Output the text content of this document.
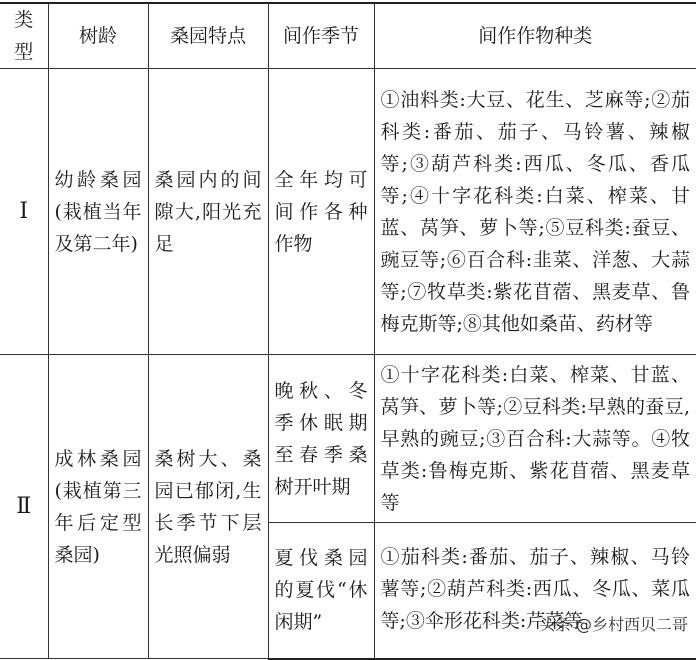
类型	树龄	桑园特点	间作季节	间作作物种类
Ⅰ	幼龄桑园(栽植当年及第二年)	桑园内的间隙大,阳光充足	全年均可间作各种作物	①油料类:大豆、花生、芝麻等;②茄科类:番茄、茄子、马铃薯、辣椒等;③葫芦科类:西瓜、冬瓜、香瓜等;④十字花科类:白菜、榨菜、甘蓝、莴笋、萝卜等;⑤豆科类:蚕豆、豌豆等;⑥百合科:韭菜、洋葱、大蒜等;⑦牧草类:紫花苜蓿、黑麦草、鲁梅克斯等;⑧其他如桑苗、药材等
Ⅱ	成林桑园(栽植第三年后定型桑园)	桑树大、桑园已郁闭,生长季节下层光照偏弱	晚秋、冬季休眠期至春季桑树开叶期	①十字花科类:白菜、榨菜、甘蓝、莴笋、萝卜等;②豆科类:早熟的蚕豆,早熟的豌豆;③百合科:大蒜等。④牧草类:鲁梅克斯、紫花苜蓿、黑麦草等
			夏伐桑园的夏伐“休闲期”	①茄科类:番茄、茄子、辣椒、马铃薯等;②葫芦科类:西瓜、冬瓜、菜瓜等;③伞形花科类:芹菜等
头条 @乡村西贝二哥
